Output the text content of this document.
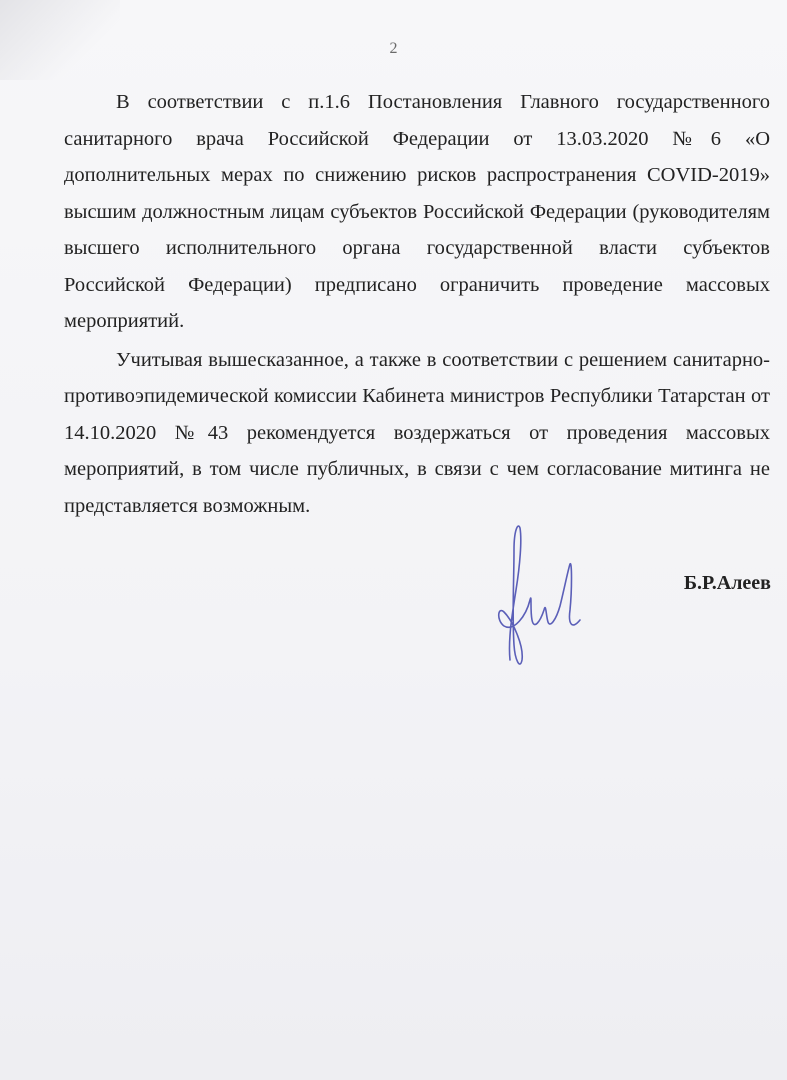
2

В соответствии с п.1.6 Постановления Главного государственного санитарного врача Российской Федерации от 13.03.2020 №6 «О дополнительных мерах по снижению рисков распространения COVID-2019» высшим должностным лицам субъектов Российской Федерации (руководителям высшего исполнительного органа государственной власти субъектов Российской Федерации) предписано ограничить проведение массовых мероприятий.

Учитывая вышесказанное, а также в соответствии с решением санитарно-противоэпидемической комиссии Кабинета министров Республики Татарстан от 14.10.2020 №43 рекомендуется воздержаться от проведения массовых мероприятий, в том числе публичных, в связи с чем согласование митинга не представляется возможным.

Б.Р.Алеев
